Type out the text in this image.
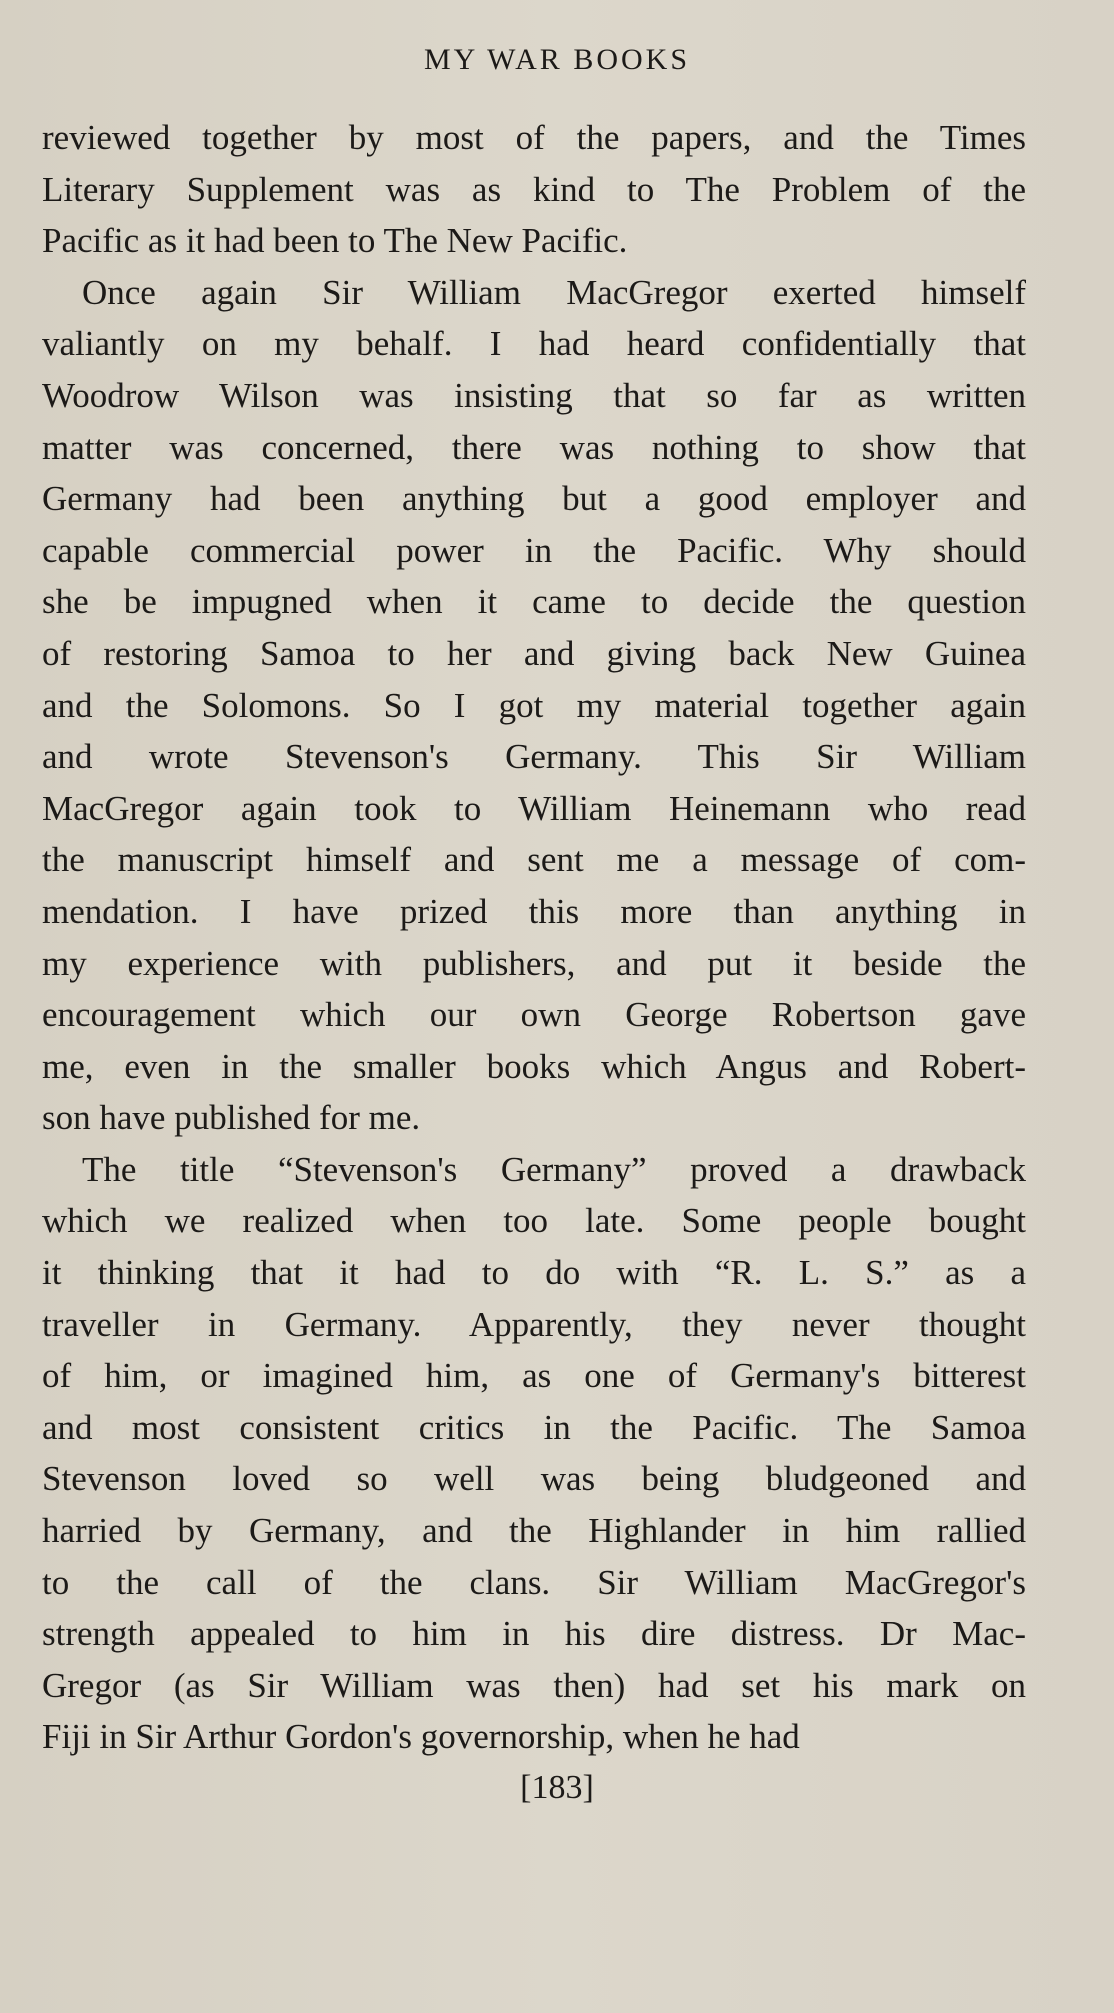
MY WAR BOOKS
reviewed together by most of the papers, and the Times
Literary Supplement was as kind to The Problem of the
Pacific as it had been to The New Pacific.
Once again Sir William MacGregor exerted himself
valiantly on my behalf. I had heard confidentially that
Woodrow Wilson was insisting that so far as written
matter was concerned, there was nothing to show that
Germany had been anything but a good employer and
capable commercial power in the Pacific. Why should
she be impugned when it came to decide the question
of restoring Samoa to her and giving back New Guinea
and the Solomons. So I got my material together again
and wrote Stevenson's Germany. This Sir William
MacGregor again took to William Heinemann who read
the manuscript himself and sent me a message of com-
mendation. I have prized this more than anything in
my experience with publishers, and put it beside the
encouragement which our own George Robertson gave
me, even in the smaller books which Angus and Robert-
son have published for me.
The title “Stevenson's Germany” proved a drawback
which we realized when too late. Some people bought
it thinking that it had to do with “R. L. S.” as a
traveller in Germany. Apparently, they never thought
of him, or imagined him, as one of Germany's bitterest
and most consistent critics in the Pacific. The Samoa
Stevenson loved so well was being bludgeoned and
harried by Germany, and the Highlander in him rallied
to the call of the clans. Sir William MacGregor's
strength appealed to him in his dire distress. Dr Mac-
Gregor (as Sir William was then) had set his mark on
Fiji in Sir Arthur Gordon's governorship, when he had
[183]
